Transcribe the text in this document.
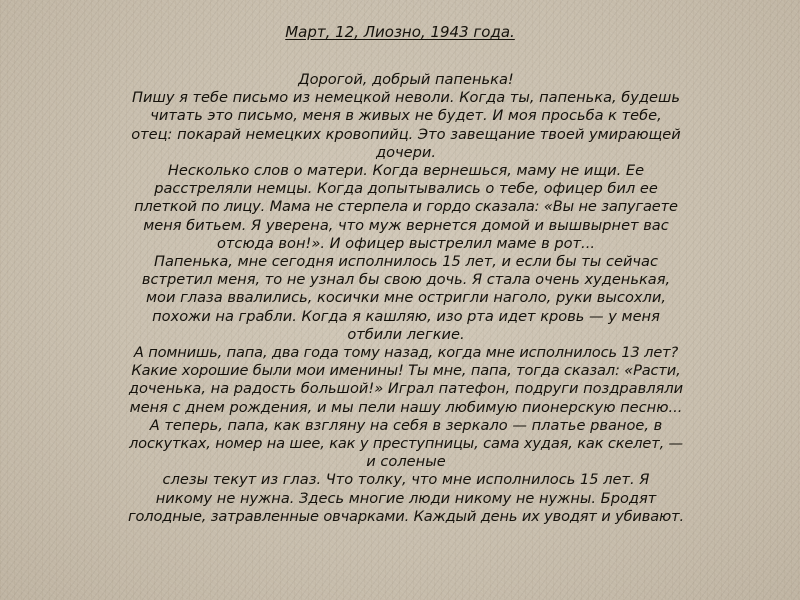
Март, 12, Лиозно, 1943 года.
Дорогой, добрый папенька!
Пишу я тебе письмо из немецкой неволи. Когда ты, папенька, будешь
читать это письмо, меня в живых не будет. И моя просьба к тебе,
отец: покарай немецких кровопийц. Это завещание твоей умирающей
дочери.
Несколько слов о матери. Когда вернешься, маму не ищи. Ее
расстреляли немцы. Когда допытывались о тебе, офицер бил ее
плеткой по лицу. Мама не стерпела и гордо сказала: «Вы не запугаете
меня битьем. Я уверена, что муж вернется домой и вышвырнет вас
отсюда вон!». И офицер выстрелил маме в рот...
Папенька, мне сегодня исполнилось 15 лет, и если бы ты сейчас
встретил меня, то не узнал бы свою дочь. Я стала очень худенькая,
мои глаза ввалились, косички мне остригли наголо, руки высохли,
похожи на грабли. Когда я кашляю, изо рта идет кровь — у меня
отбили легкие.
А помнишь, папа, два года тому назад, когда мне исполнилось 13 лет?
Какие хорошие были мои именины! Ты мне, папа, тогда сказал: «Расти,
доченька, на радость большой!» Играл патефон, подруги поздравляли
меня с днем рождения, и мы пели нашу любимую пионерскую песню...
А теперь, папа, как взгляну на себя в зеркало — платье рваное, в
лоскутках, номер на шее, как у преступницы, сама худая, как скелет, —
и соленые
слезы текут из глаз. Что толку, что мне исполнилось 15 лет. Я
никому не нужна. Здесь многие люди никому не нужны. Бродят
голодные, затравленные овчарками. Каждый день их уводят и убивают.
